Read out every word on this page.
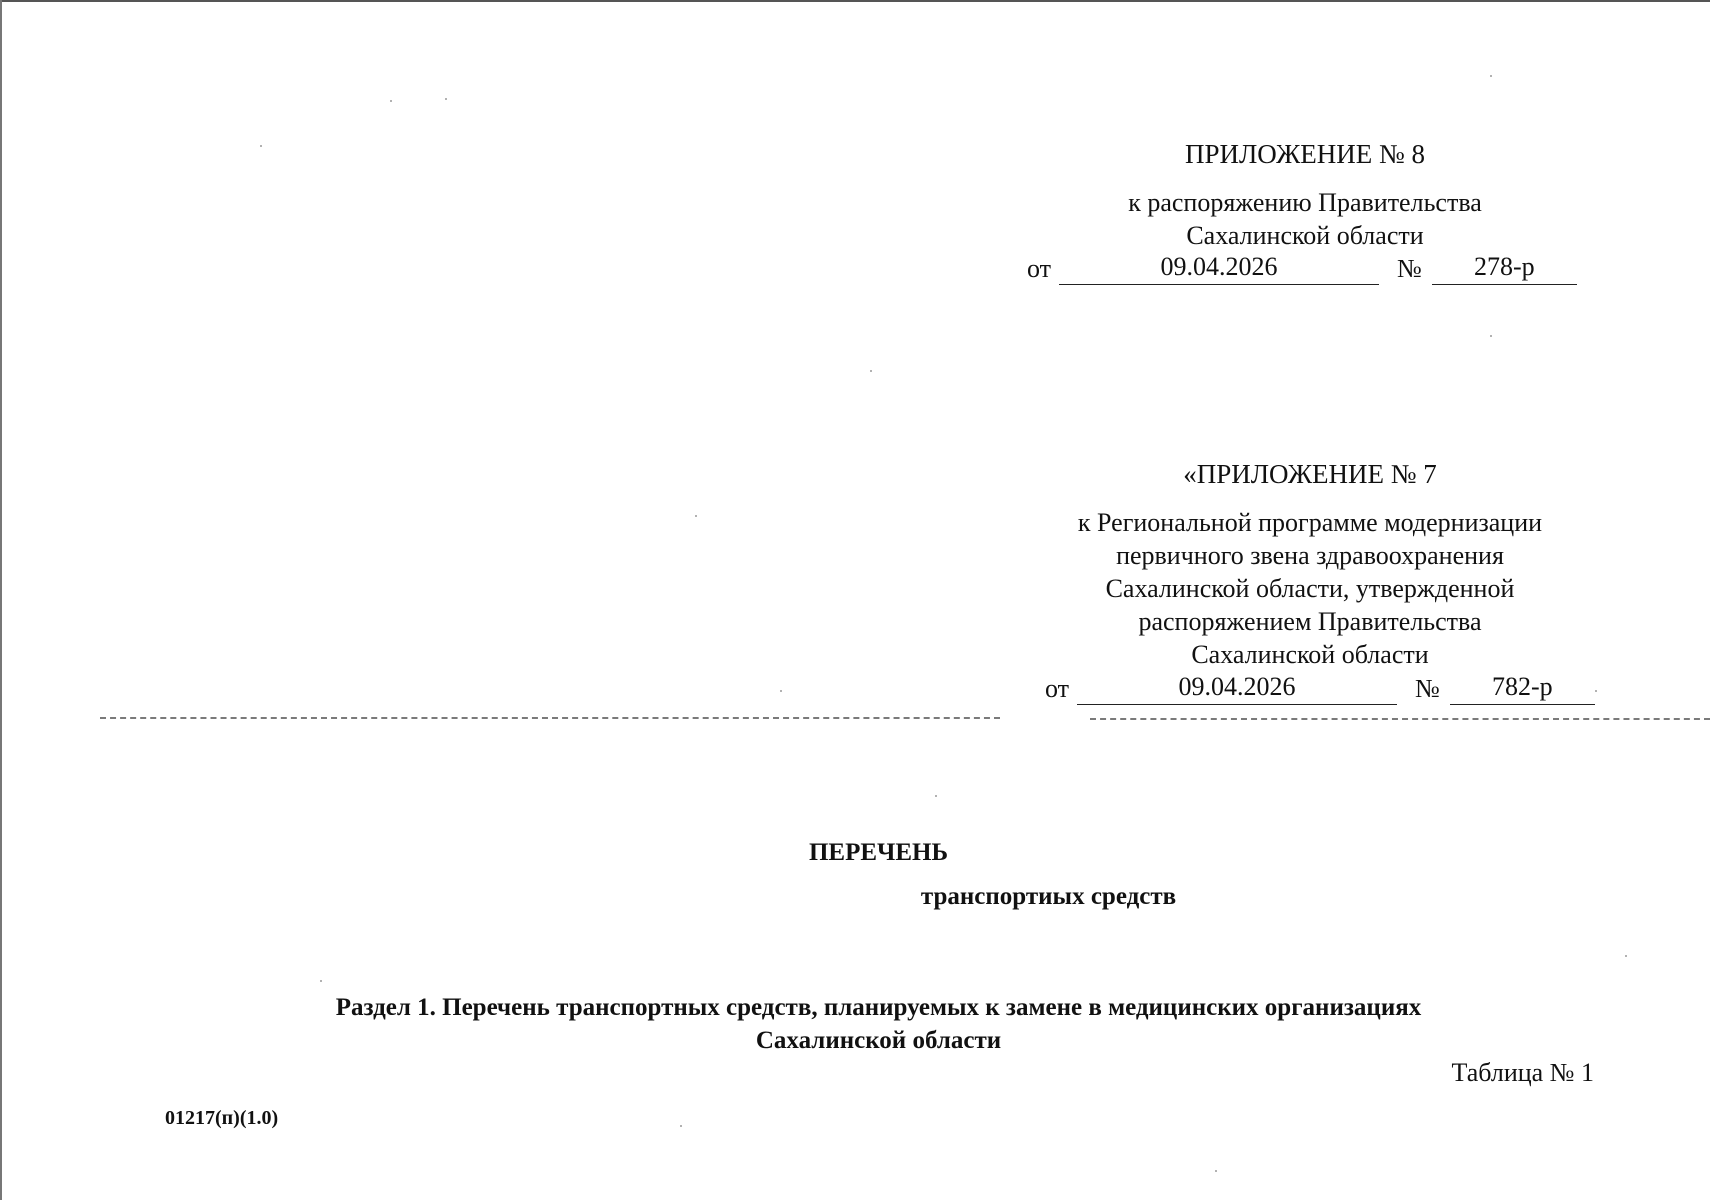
ПРИЛОЖЕНИЕ № 8
к распоряжению Правительства
Сахалинской области
от	09.04.2026	№	278-р
«ПРИЛОЖЕНИЕ № 7
к Региональной программе модернизации
первичного звена здравоохранения
Сахалинской области, утвержденной
распоряжением Правительства
Сахалинской области
от	09.04.2026	№	782-р
ПЕРЕЧЕНЬ
транспортиых средств
Раздел 1. Перечень транспортных средств, планируемых к замене в медицинских организациях
Сахалинской области
Таблица № 1
01217(п)(1.0)
